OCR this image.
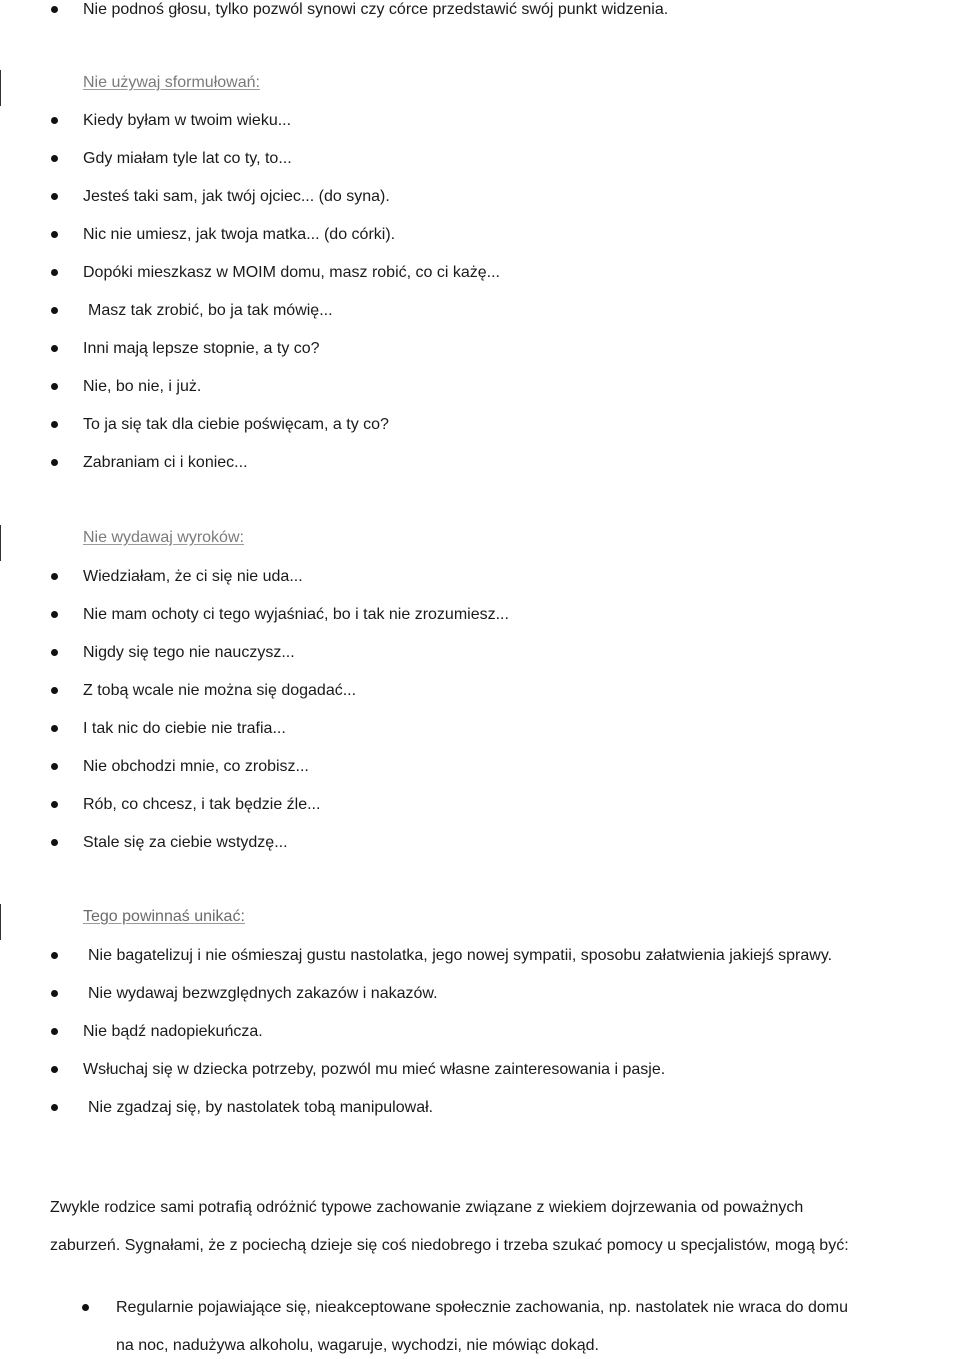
Nie podnoś głosu, tylko pozwól synowi czy córce przedstawić swój punkt widzenia.
Nie używaj sformułowań:
Kiedy byłam w twoim wieku...
Gdy miałam tyle lat co ty, to...
Jesteś taki sam, jak twój ojciec... (do syna).
Nic nie umiesz, jak twoja matka... (do córki).
Dopóki mieszkasz w MOIM domu, masz robić, co ci każę...
Masz tak zrobić, bo ja tak mówię...
Inni mają lepsze stopnie, a ty co?
Nie, bo nie, i już.
To ja się tak dla ciebie poświęcam, a ty co?
Zabraniam ci i koniec...
Nie wydawaj wyroków:
Wiedziałam, że ci się nie uda...
Nie mam ochoty ci tego wyjaśniać, bo i tak nie zrozumiesz...
Nigdy się tego nie nauczysz...
Z tobą wcale nie można się dogadać...
I tak nic do ciebie nie trafia...
Nie obchodzi mnie, co zrobisz...
Rób, co chcesz, i tak będzie źle...
Stale się za ciebie wstydzę...
Tego powinnaś unikać:
Nie bagatelizuj i nie ośmieszaj gustu nastolatka, jego nowej sympatii, sposobu załatwienia jakiejś sprawy.
Nie wydawaj bezwzględnych zakazów i nakazów.
Nie bądź nadopiekuńcza.
Wsłuchaj się w dziecka potrzeby, pozwól mu mieć własne zainteresowania i pasje.
Nie zgadzaj się, by nastolatek tobą manipulował.
Zwykle rodzice sami potrafią odróżnić typowe zachowanie związane z wiekiem dojrzewania od poważnych
zaburzeń. Sygnałami, że z pociechą dzieje się coś niedobrego i trzeba szukać pomocy u specjalistów, mogą być:
Regularnie pojawiające się, nieakceptowane społecznie zachowania, np. nastolatek nie wraca do domu
na noc, nadużywa alkoholu, wagaruje, wychodzi, nie mówiąc dokąd.
